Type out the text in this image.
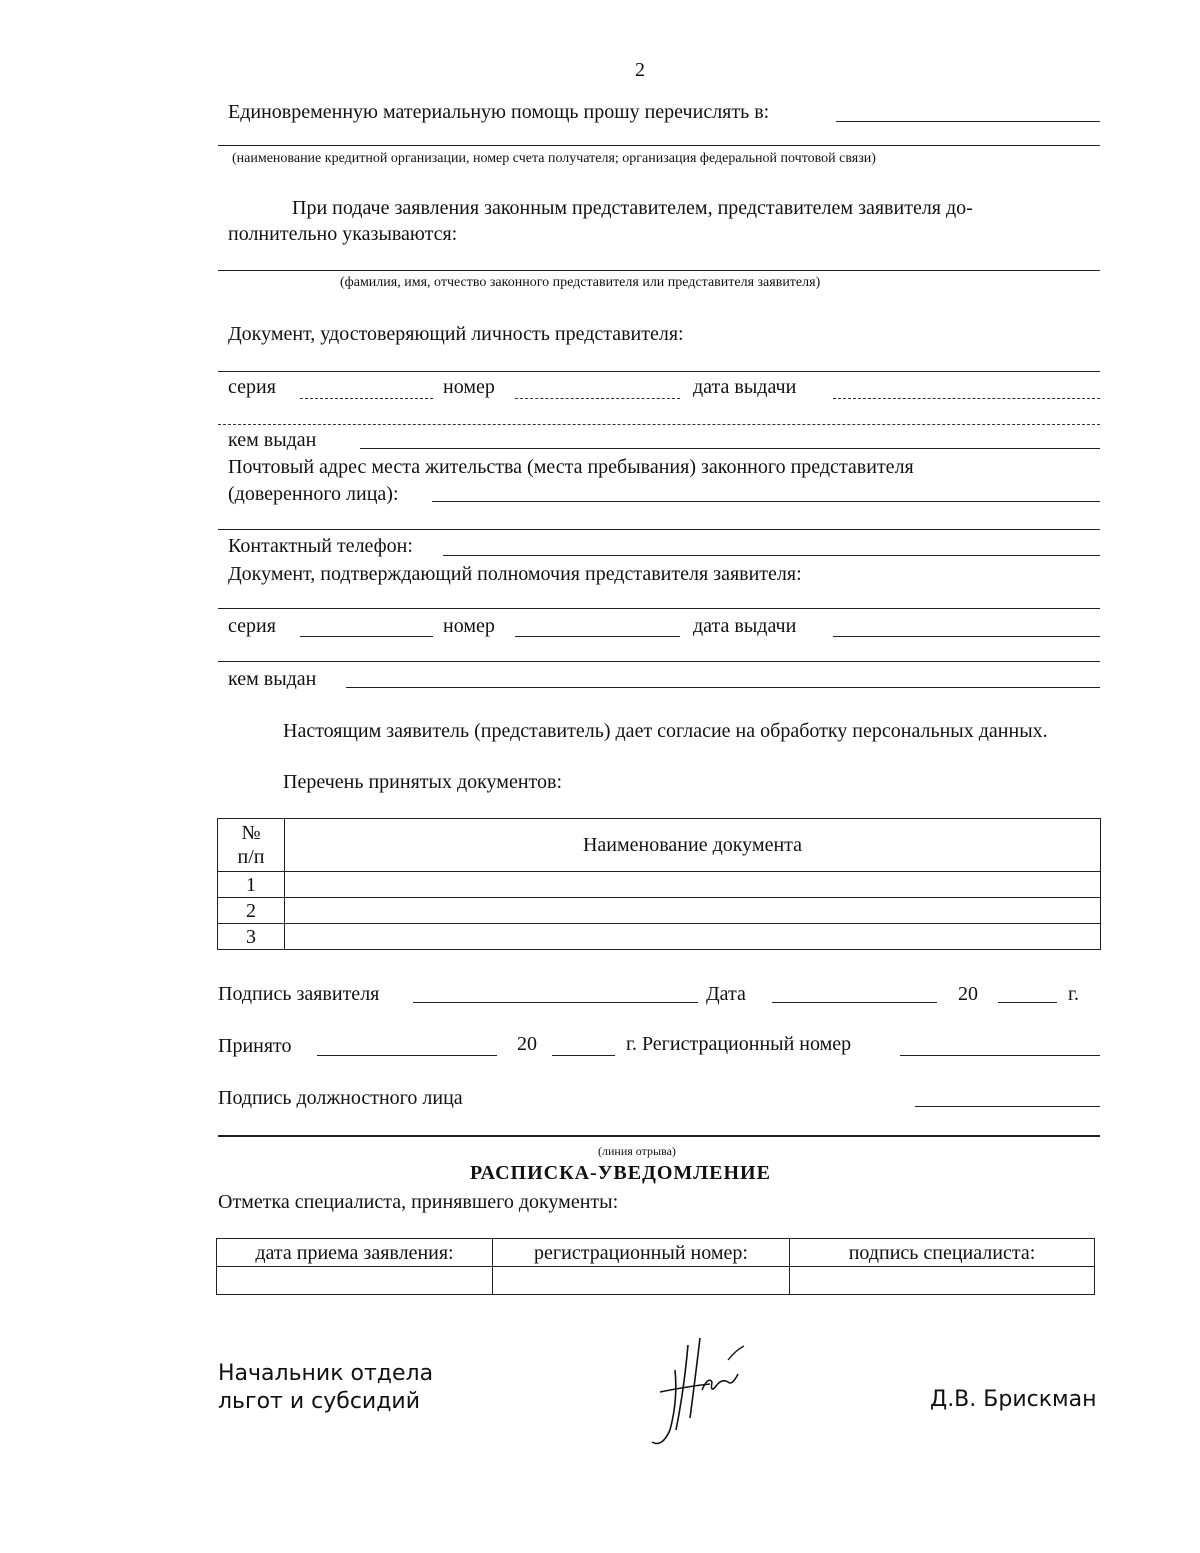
2
Единовременную материальную помощь прошу перечислять в:
(наименование кредитной организации, номер счета получателя; организация федеральной почтовой связи)
При подаче заявления законным представителем, представителем заявителя до-
полнительно указываются:
(фамилия, имя, отчество законного представителя или представителя заявителя)
Документ, удостоверяющий личность представителя:
серия	номер	дата выдачи
кем выдан
Почтовый адрес места жительства (места пребывания) законного представителя
(доверенного лица):
Контактный телефон:
Документ, подтверждающий полномочия представителя заявителя:
серия	номер	дата выдачи
кем выдан
Настоящим заявитель (представитель) дает согласие на обработку персональных данных.
Перечень принятых документов:
№
п/п	Наименование документа
1	
2	
3	
Подпись заявителя	Дата	20	г.
Принято	20	г. Регистрационный номер
Подпись должностного лица
(линия отрыва)
РАСПИСКА-УВЕДОМЛЕНИЕ
Отметка специалиста, принявшего документы:
дата приема заявления:	регистрационный номер:	подпись специалиста:

Начальник отдела
льгот и субсидий	Д.В. Брискман
